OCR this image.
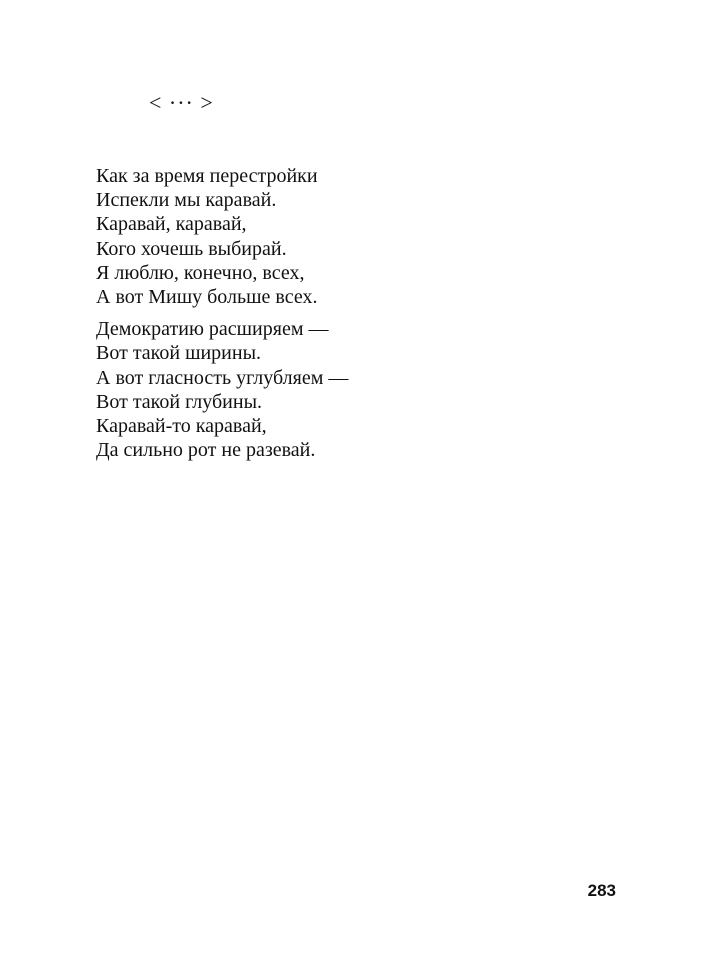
< ··· >

Как за время перестройки
Испекли мы каравай.
Каравай, каравай,
Кого хочешь выбирай.
Я люблю, конечно, всех,
А вот Мишу больше всех.

Демократию расширяем —
Вот такой ширины.
А вот гласность углубляем —
Вот такой глубины.
Каравай-то каравай,
Да сильно рот не разевай.

283
